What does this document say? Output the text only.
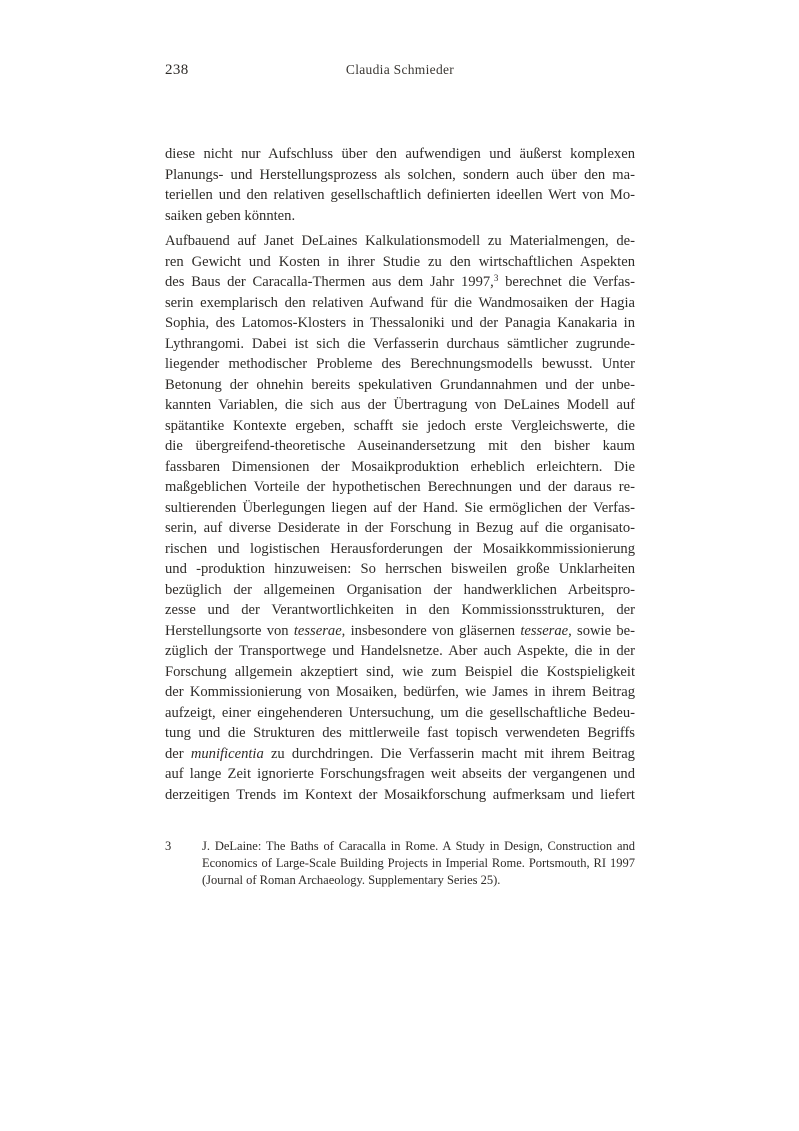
238	Claudia Schmieder
diese nicht nur Aufschluss über den aufwendigen und äußerst komplexen
Planungs- und Herstellungsprozess als solchen, sondern auch über den ma-
teriellen und den relativen gesellschaftlich definierten ideellen Wert von Mo-
saiken geben könnten.
Aufbauend auf Janet DeLaines Kalkulationsmodell zu Materialmengen, de-
ren Gewicht und Kosten in ihrer Studie zu den wirtschaftlichen Aspekten
des Baus der Caracalla-Thermen aus dem Jahr 1997,$^3$ berechnet die Verfas-
serin exemplarisch den relativen Aufwand für die Wandmosaiken der Hagia
Sophia, des Latomos-Klosters in Thessaloniki und der Panagia Kanakaria in
Lythrangomi. Dabei ist sich die Verfasserin durchaus sämtlicher zugrunde-
liegender methodischer Probleme des Berechnungsmodells bewusst. Unter
Betonung der ohnehin bereits spekulativen Grundannahmen und der unbe-
kannten Variablen, die sich aus der Übertragung von DeLaines Modell auf
spätantike Kontexte ergeben, schafft sie jedoch erste Vergleichswerte, die
die übergreifend-theoretische Auseinandersetzung mit den bisher kaum
fassbaren Dimensionen der Mosaikproduktion erheblich erleichtern. Die
maßgeblichen Vorteile der hypothetischen Berechnungen und der daraus re-
sultierenden Überlegungen liegen auf der Hand. Sie ermöglichen der Verfas-
serin, auf diverse Desiderate in der Forschung in Bezug auf die organisato-
rischen und logistischen Herausforderungen der Mosaikkommissionierung
und -produktion hinzuweisen: So herrschen bisweilen große Unklarheiten
bezüglich der allgemeinen Organisation der handwerklichen Arbeitspro-
zesse und der Verantwortlichkeiten in den Kommissionsstrukturen, der
Herstellungsorte von tesserae, insbesondere von gläsernen tesserae, sowie be-
züglich der Transportwege und Handelsnetze. Aber auch Aspekte, die in der
Forschung allgemein akzeptiert sind, wie zum Beispiel die Kostspieligkeit
der Kommissionierung von Mosaiken, bedürfen, wie James in ihrem Beitrag
aufzeigt, einer eingehenderen Untersuchung, um die gesellschaftliche Bedeu-
tung und die Strukturen des mittlerweile fast topisch verwendeten Begriffs
der munificentia zu durchdringen. Die Verfasserin macht mit ihrem Beitrag
auf lange Zeit ignorierte Forschungsfragen weit abseits der vergangenen und
derzeitigen Trends im Kontext der Mosaikforschung aufmerksam und liefert
3	J. DeLaine: The Baths of Caracalla in Rome. A Study in Design, Construction and
Economics of Large-Scale Building Projects in Imperial Rome. Portsmouth, RI 1997
(Journal of Roman Archaeology. Supplementary Series 25).
